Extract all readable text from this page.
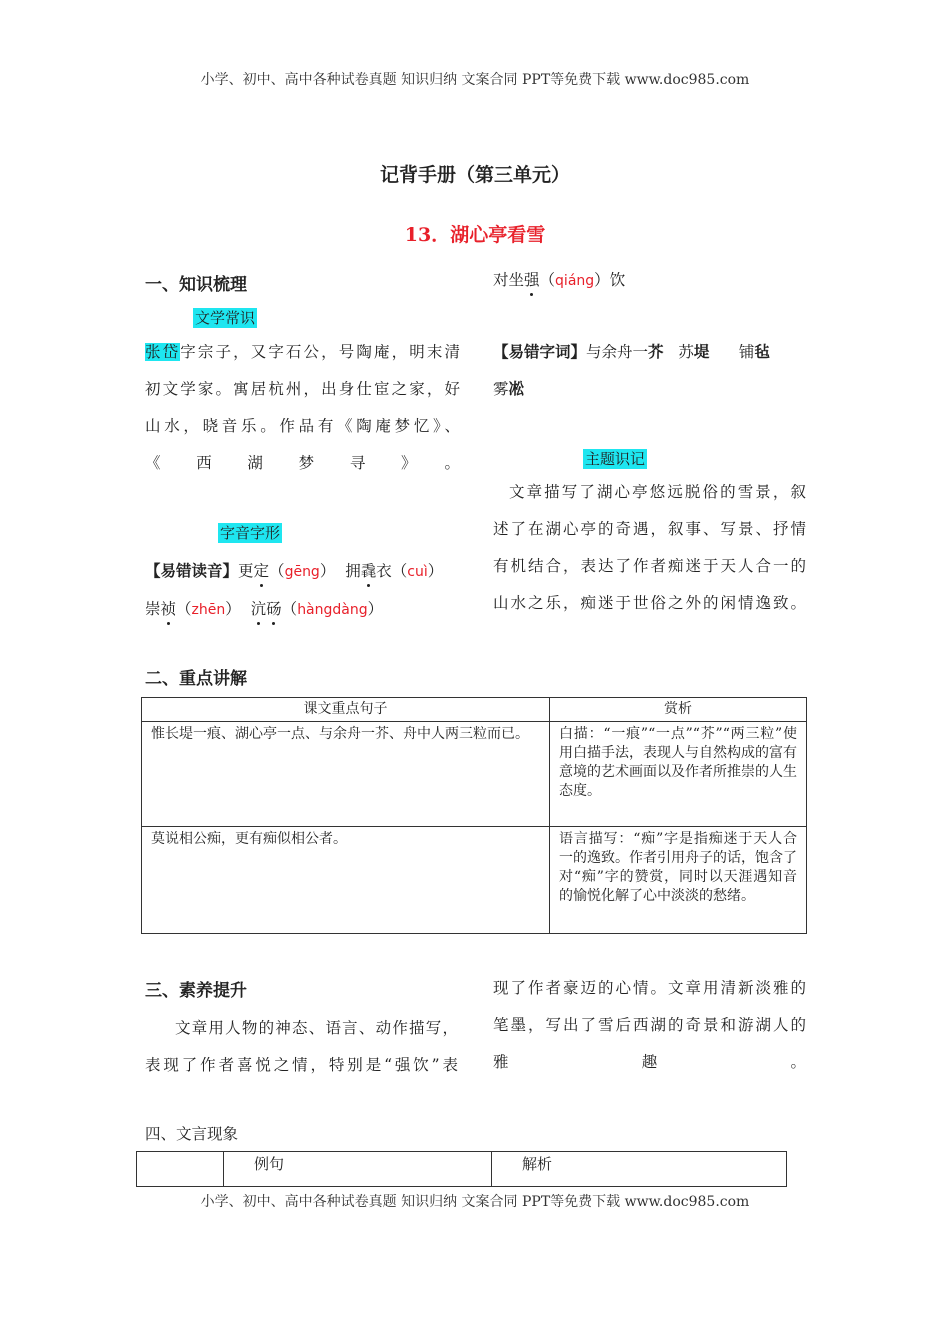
小学、初中、高中各种试卷真题 知识归纳 文案合同 PPT等免费下载 www.doc985.com
小学、初中、高中各种试卷真题 知识归纳 文案合同 PPT等免费下载 www.doc985.com
记背手册（第三单元）
13．湖心亭看雪
一、知识梳理
文学常识
张岱字宗子，又字石公，号陶庵，明末清
初文学家。寓居杭州，出身仕宦之家，好
山水，晓音乐。作品有《陶庵梦忆》、
《西湖梦寻》。
字音字形
【易错读音】更定（gēng） 拥毳衣（cuì）
崇祯（zhēn） 沆砀（hàngdàng）
对坐强（qiáng）饮
【易错字词】与余舟一芥 苏堤 铺毡
雾凇
主题识记
文章描写了湖心亭悠远脱俗的雪景，叙
述了在湖心亭的奇遇，叙事、写景、抒情
有机结合，表达了作者痴迷于天人合一的
山水之乐，痴迷于世俗之外的闲情逸致。
二、重点讲解
课文重点句子	赏析
惟长堤一痕、湖心亭一点、与余舟一芥、舟中人两三粒而已。	白描：“一痕”“一点”“芥”“两三粒”使用白描手法，表现人与自然构成的富有意境的艺术画面以及作者所推崇的人生态度。
莫说相公痴，更有痴似相公者。	语言描写：“痴”字是指痴迷于天人合一的逸致。作者引用舟子的话，饱含了对“痴”字的赞赏，同时以天涯遇知音的愉悦化解了心中淡淡的愁绪。
三、素养提升
文章用人物的神态、语言、动作描写，
表现了作者喜悦之情，特别是“强饮”表
现了作者豪迈的心情。文章用清新淡雅的
笔墨，写出了雪后西湖的奇景和游湖人的
雅趣。
四、文言现象
	例句	解析
